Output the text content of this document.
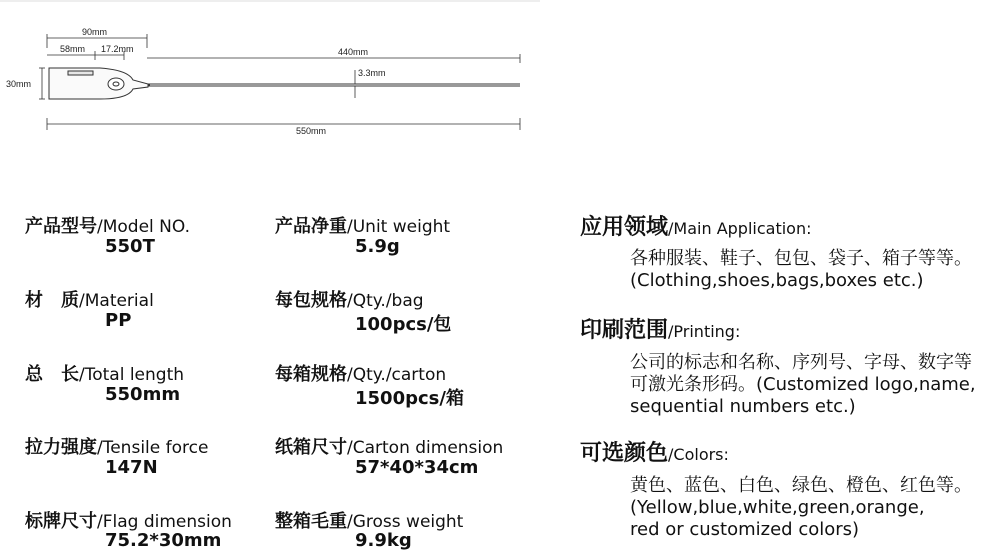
90mm
58mm 17.2mm
30mm
440mm
3.3mm
550mm
产品型号/Model NO.
550T
材　质/Material
PP
总　长/Total length
550mm
拉力强度/Tensile force
147N
标牌尺寸/Flag dimension
75.2*30mm
产品净重/Unit weight
5.9g
每包规格/Qty./bag
100pcs/包
每箱规格/Qty./carton
1500pcs/箱
纸箱尺寸/Carton dimension
57*40*34cm
整箱毛重/Gross weight
9.9kg
应用领域/Main Application:
各种服装、鞋子、包包、袋子、箱子等等。
(Clothing,shoes,bags,boxes etc.)
印刷范围/Printing:
公司的标志和名称、序列号、字母、数字等
可激光条形码。(Customized logo,name,
sequential numbers etc.)
可选颜色/Colors:
黄色、蓝色、白色、绿色、橙色、红色等。
(Yellow,blue,white,green,orange,
red or customized colors)
